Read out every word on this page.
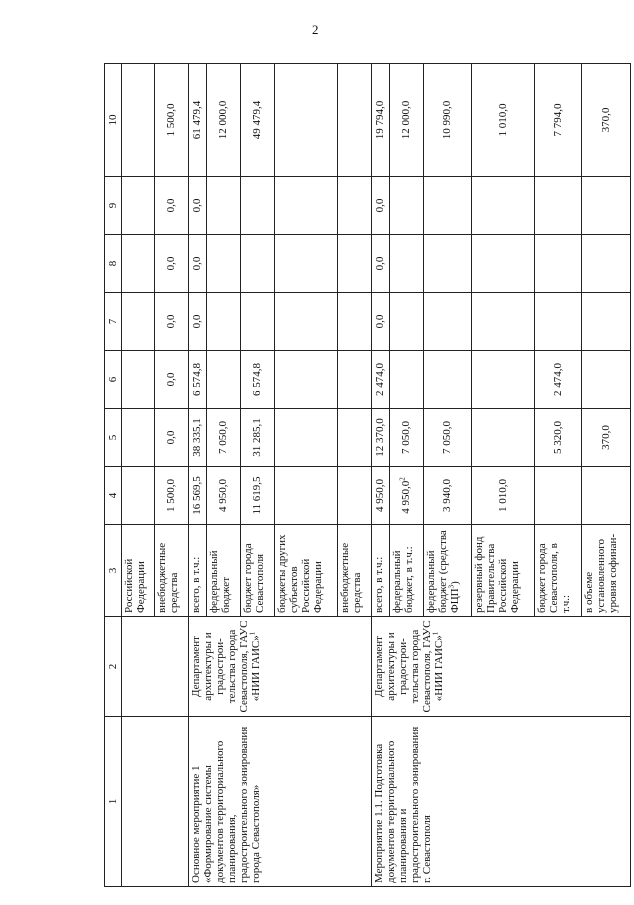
2
1	2	3	4	5	6	7	8	9	10
		Российской Федерации							
		внебюджетные средства	1 500,0	0,0	0,0	0,0	0,0	0,0	1 500,0
Основное мероприятие 1 «Формирование системы документов территориального планирования, градостроительного зонирования города Севастополя»	Департамент архитектуры и градострои-тельства города Севастополя, ГАУС «НИИ ГАИС»$^1$	всего, в т.ч.:	16 569,5	38 335,1	6 574,8	0,0	0,0	0,0	61 479,4
		федеральный бюджет	4 950,0	7 050,0					12 000,0
		бюджет города Севастополя	11 619,5	31 285,1	6 574,8				49 479,4
		бюджеты других субъектов Российской Федерации							
		внебюджетные средства							
Мероприятие 1.1. Подготовка документов территориального планирования и градостроительного зонирования г. Севастополя	Департамент архитектуры и градострои-тельства города Севастополя, ГАУС «НИИ ГАИС»$^1$	всего, в т.ч.:	4 950,0	12 370,0	2 474,0	0,0	0,0	0,0	19 794,0
		федеральный бюджет, в т.ч.:	4 950,0$^2$	7 050,0					12 000,0
		федеральный бюджет (средства ФЦП$^3$)	3 940,0	7 050,0					10 990,0
		резервный фонд Правительства Российской Федерации	1 010,0						1 010,0
		бюджет города Севастополя, в т.ч.:		5 320,0	2 474,0				7 794,0
		в объеме установленного уровня софинан-		370,0					370,0
